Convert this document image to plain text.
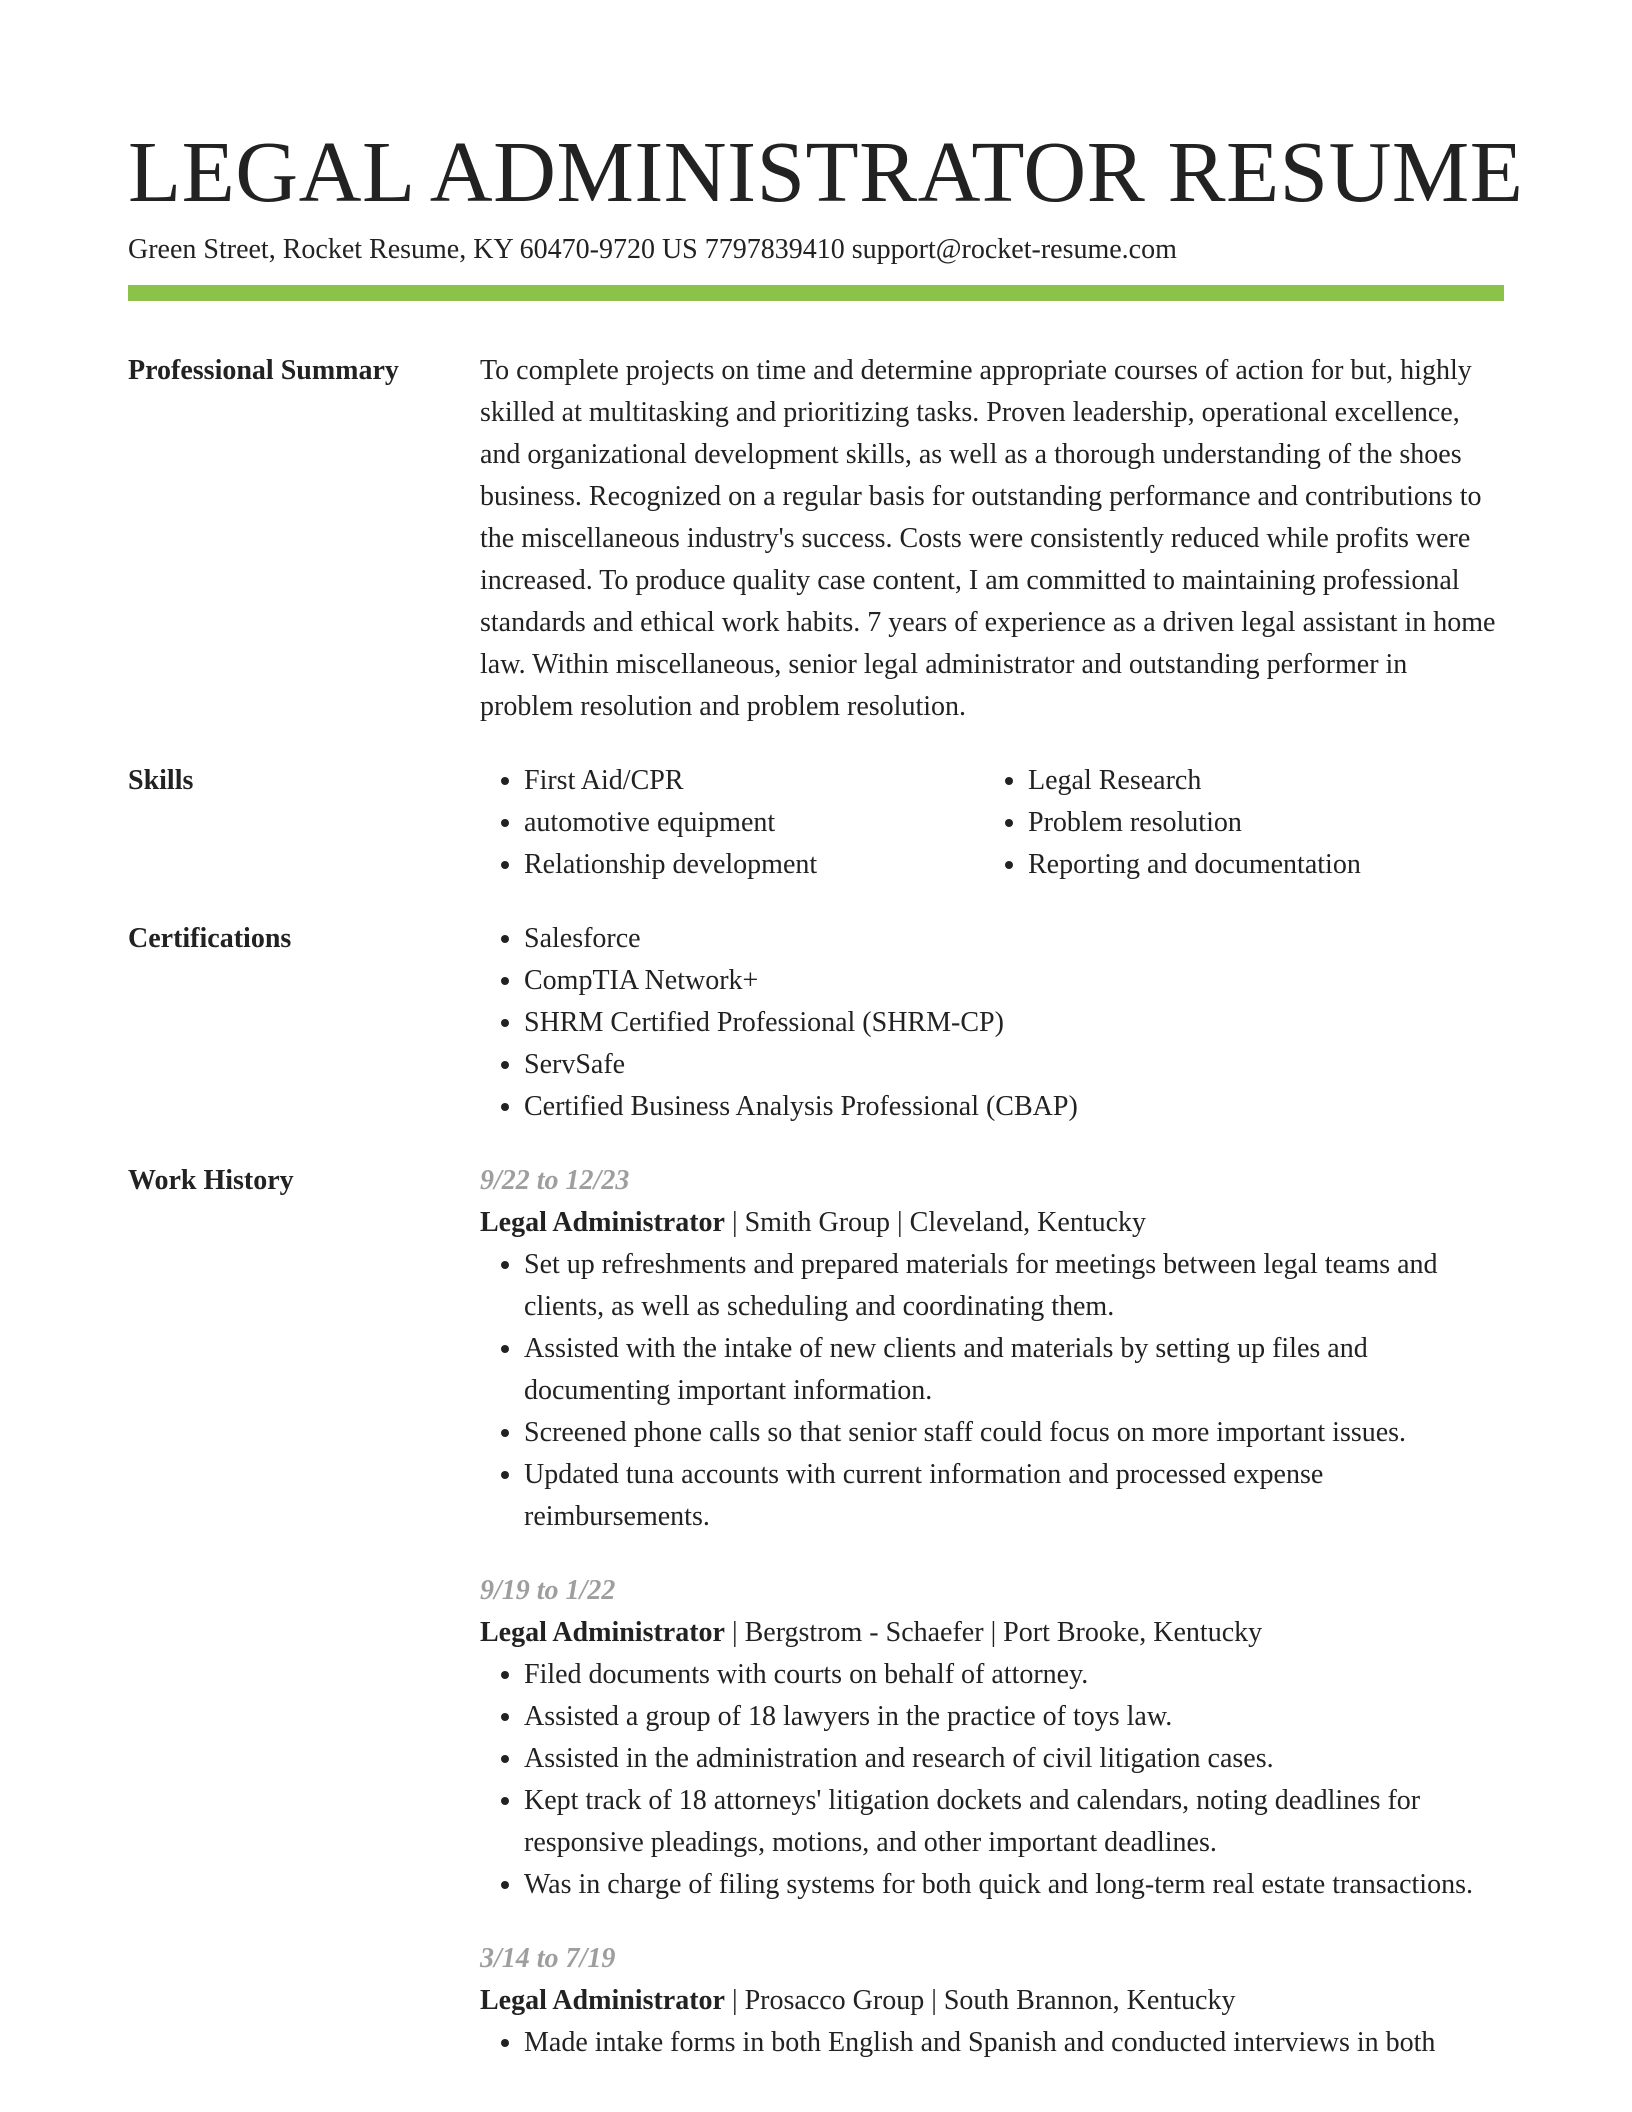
LEGAL ADMINISTRATOR RESUME
Green Street, Rocket Resume, KY 60470-9720 US 7797839410 support@rocket-resume.com
Professional Summary	To complete projects on time and determine appropriate courses of action for but, highly skilled at multitasking and prioritizing tasks. Proven leadership, operational excellence, and organizational development skills, as well as a thorough understanding of the shoes business. Recognized on a regular basis for outstanding performance and contributions to the miscellaneous industry's success. Costs were consistently reduced while profits were increased. To produce quality case content, I am committed to maintaining professional standards and ethical work habits. 7 years of experience as a driven legal assistant in home law. Within miscellaneous, senior legal administrator and outstanding performer in problem resolution and problem resolution.

Skills	• First Aid/CPR
• automotive equipment
• Relationship development
• Legal Research
• Problem resolution
• Reporting and documentation
Certifications	• Salesforce
• CompTIA Network+
• SHRM Certified Professional (SHRM-CP)
• ServSafe
• Certified Business Analysis Professional (CBAP)
Work History	9/22 to 12/23
Legal Administrator | Smith Group | Cleveland, Kentucky
• Set up refreshments and prepared materials for meetings between legal teams and clients, as well as scheduling and coordinating them.
• Assisted with the intake of new clients and materials by setting up files and documenting important information.
• Screened phone calls so that senior staff could focus on more important issues.
• Updated tuna accounts with current information and processed expense reimbursements.
9/19 to 1/22
Legal Administrator | Bergstrom - Schaefer | Port Brooke, Kentucky
• Filed documents with courts on behalf of attorney.
• Assisted a group of 18 lawyers in the practice of toys law.
• Assisted in the administration and research of civil litigation cases.
• Kept track of 18 attorneys' litigation dockets and calendars, noting deadlines for responsive pleadings, motions, and other important deadlines.
• Was in charge of filing systems for both quick and long-term real estate transactions.
3/14 to 7/19
Legal Administrator | Prosacco Group | South Brannon, Kentucky
• Made intake forms in both English and Spanish and conducted interviews in both
